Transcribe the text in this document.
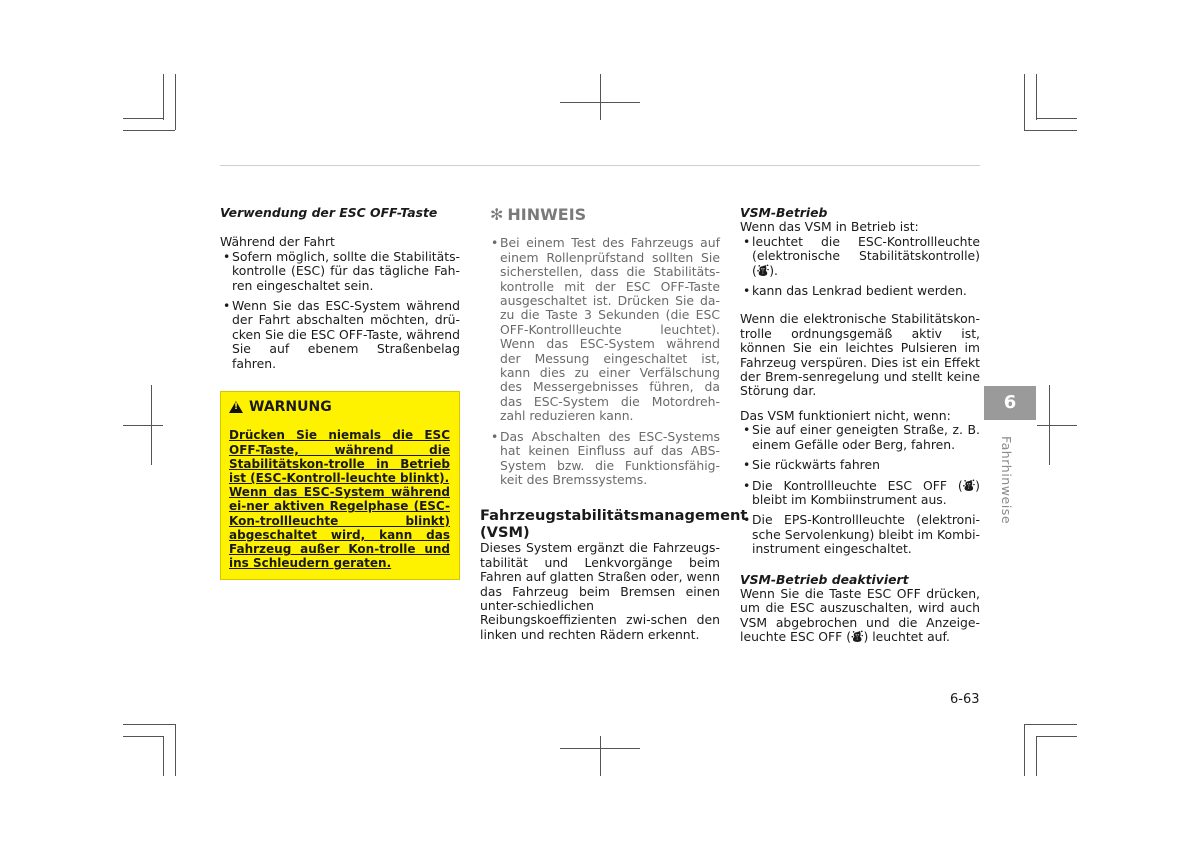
Verwendung der ESC OFF-Taste

Während der Fahrt

• Sofern möglich, sollte die Stabilitäts-kontrolle (ESC) für das tägliche Fah-ren eingeschaltet sein.
• Wenn Sie das ESC-System während der Fahrt abschalten möchten, drü-cken Sie die ESC OFF-Taste, während Sie auf ebenem Straßenbelag fahren.

!
WARNUNG

Drücken Sie niemals die ESC OFF-Taste, während die Stabilitätskon-trolle in Betrieb ist (ESC-Kontroll-leuchte blinkt).

Wenn das ESC-System während ei-ner aktiven Regelphase (ESC-Kon-trollleuchte blinkt) abgeschaltet wird, kann das Fahrzeug außer Kon-trolle und ins Schleudern geraten.

✻ HINWEIS

• Bei einem Test des Fahrzeugs auf einem Rollenprüfstand sollten Sie sicherstellen, dass die Stabilitäts-kontrolle mit der ESC OFF-Taste ausgeschaltet ist. Drücken Sie da-zu die Taste 3 Sekunden (die ESC OFF-Kontrollleuchte leuchtet). Wenn das ESC-System während der Messung eingeschaltet ist, kann dies zu einer Verfälschung des Messergebnisses führen, da das ESC-System die Motordreh-zahl reduzieren kann.
• Das Abschalten des ESC-Systems hat keinen Einfluss auf das ABS-System bzw. die Funktionsfähig-keit des Bremssystems.

Fahrzeugstabilitätsmanagement (VSM)

Dieses System ergänzt die Fahrzeugs-tabilität und Lenkvorgänge beim Fahren auf glatten Straßen oder, wenn das Fahrzeug beim Bremsen einen unter-schiedlichen Reibungskoeffizienten zwi-schen den linken und rechten Rädern erkennt.

VSM-Betrieb

Wenn das VSM in Betrieb ist:

• leuchtet die ESC-Kontrollleuchte (elektronische Stabilitätskontrolle) (⛇).
• kann das Lenkrad bedient werden.

Wenn die elektronische Stabilitätskon-trolle ordnungsgemäß aktiv ist, können Sie ein leichtes Pulsieren im Fahrzeug verspüren. Dies ist ein Effekt der Brem-senregelung und stellt keine Störung dar.

Das VSM funktioniert nicht, wenn:

• Sie auf einer geneigten Straße, z. B. einem Gefälle oder Berg, fahren.
• Sie rückwärts fahren
• Die Kontrollleuchte ESC OFF (⛇) bleibt im Kombiinstrument aus.
• Die EPS-Kontrollleuchte (elektroni-sche Servolenkung) bleibt im Kombi-instrument eingeschaltet.

VSM-Betrieb deaktiviert

Wenn Sie die Taste ESC OFF drücken, um die ESC auszuschalten, wird auch VSM abgebrochen und die Anzeige-leuchte ESC OFF (⛇) leuchtet auf.

6
Fahrhinweise
6-63
